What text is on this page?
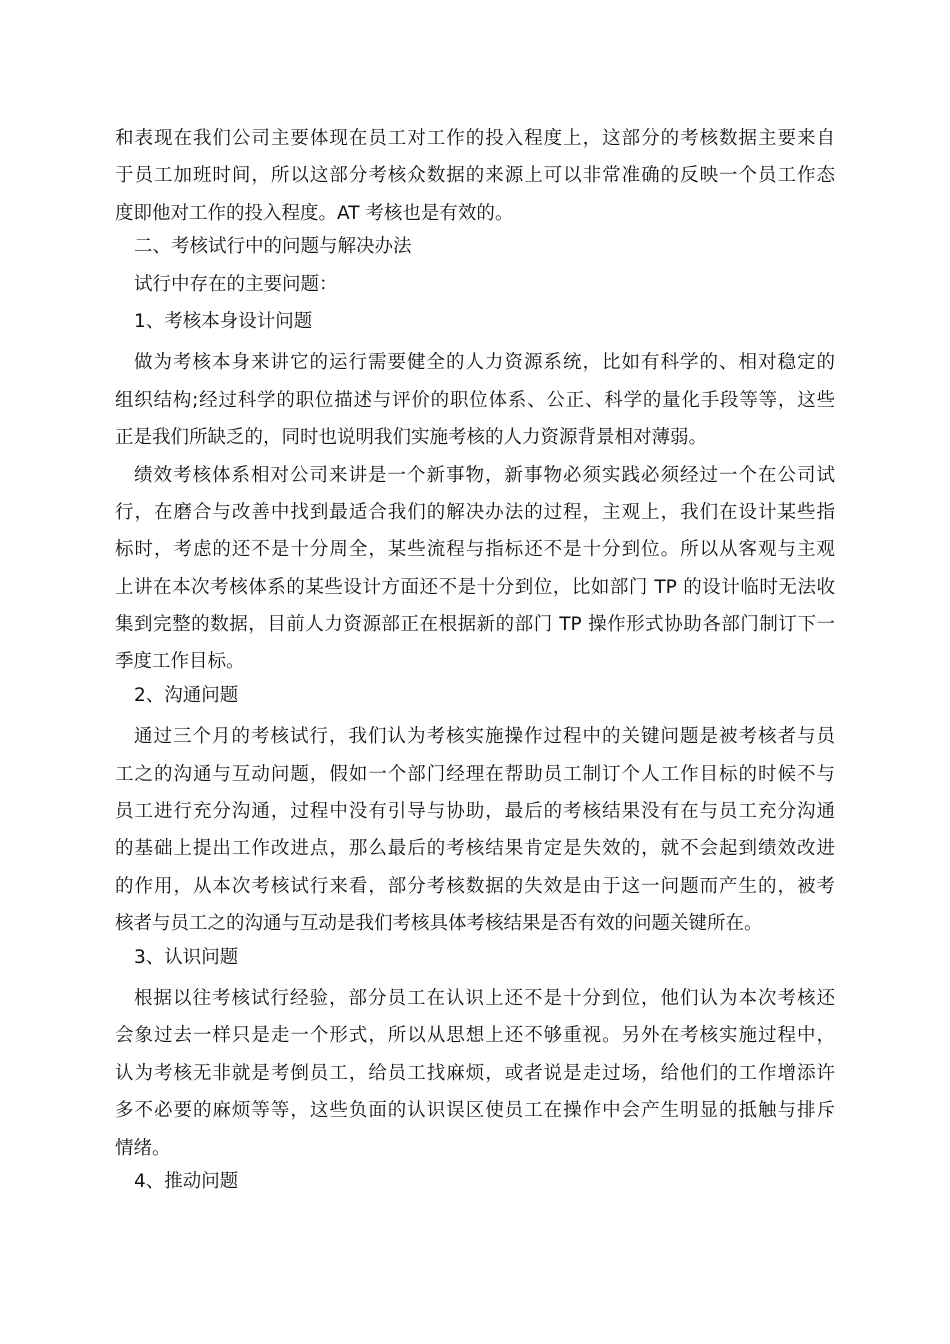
和表现在我们公司主要体现在员工对工作的投入程度上，这部分的考核数据主要来自
于员工加班时间，所以这部分考核众数据的来源上可以非常准确的反映一个员工作态
度即他对工作的投入程度。AT 考核也是有效的。
二、考核试行中的问题与解决办法
试行中存在的主要问题：
1、考核本身设计问题
做为考核本身来讲它的运行需要健全的人力资源系统，比如有科学的、相对稳定的
组织结构;经过科学的职位描述与评价的职位体系、公正、科学的量化手段等等，这些
正是我们所缺乏的，同时也说明我们实施考核的人力资源背景相对薄弱。
绩效考核体系相对公司来讲是一个新事物，新事物必须实践必须经过一个在公司试
行，在磨合与改善中找到最适合我们的解决办法的过程，主观上，我们在设计某些指
标时，考虑的还不是十分周全，某些流程与指标还不是十分到位。所以从客观与主观
上讲在本次考核体系的某些设计方面还不是十分到位，比如部门 TP 的设计临时无法收
集到完整的数据，目前人力资源部正在根据新的部门 TP 操作形式协助各部门制订下一
季度工作目标。
2、沟通问题
通过三个月的考核试行，我们认为考核实施操作过程中的关键问题是被考核者与员
工之的沟通与互动问题，假如一个部门经理在帮助员工制订个人工作目标的时候不与
员工进行充分沟通，过程中没有引导与协助，最后的考核结果没有在与员工充分沟通
的基础上提出工作改进点，那么最后的考核结果肯定是失效的，就不会起到绩效改进
的作用，从本次考核试行来看，部分考核数据的失效是由于这一问题而产生的，被考
核者与员工之的沟通与互动是我们考核具体考核结果是否有效的问题关键所在。
3、认识问题
根据以往考核试行经验，部分员工在认识上还不是十分到位，他们认为本次考核还
会象过去一样只是走一个形式，所以从思想上还不够重视。另外在考核实施过程中，
认为考核无非就是考倒员工，给员工找麻烦，或者说是走过场，给他们的工作增添许
多不必要的麻烦等等，这些负面的认识误区使员工在操作中会产生明显的抵触与排斥
情绪。
4、推动问题
